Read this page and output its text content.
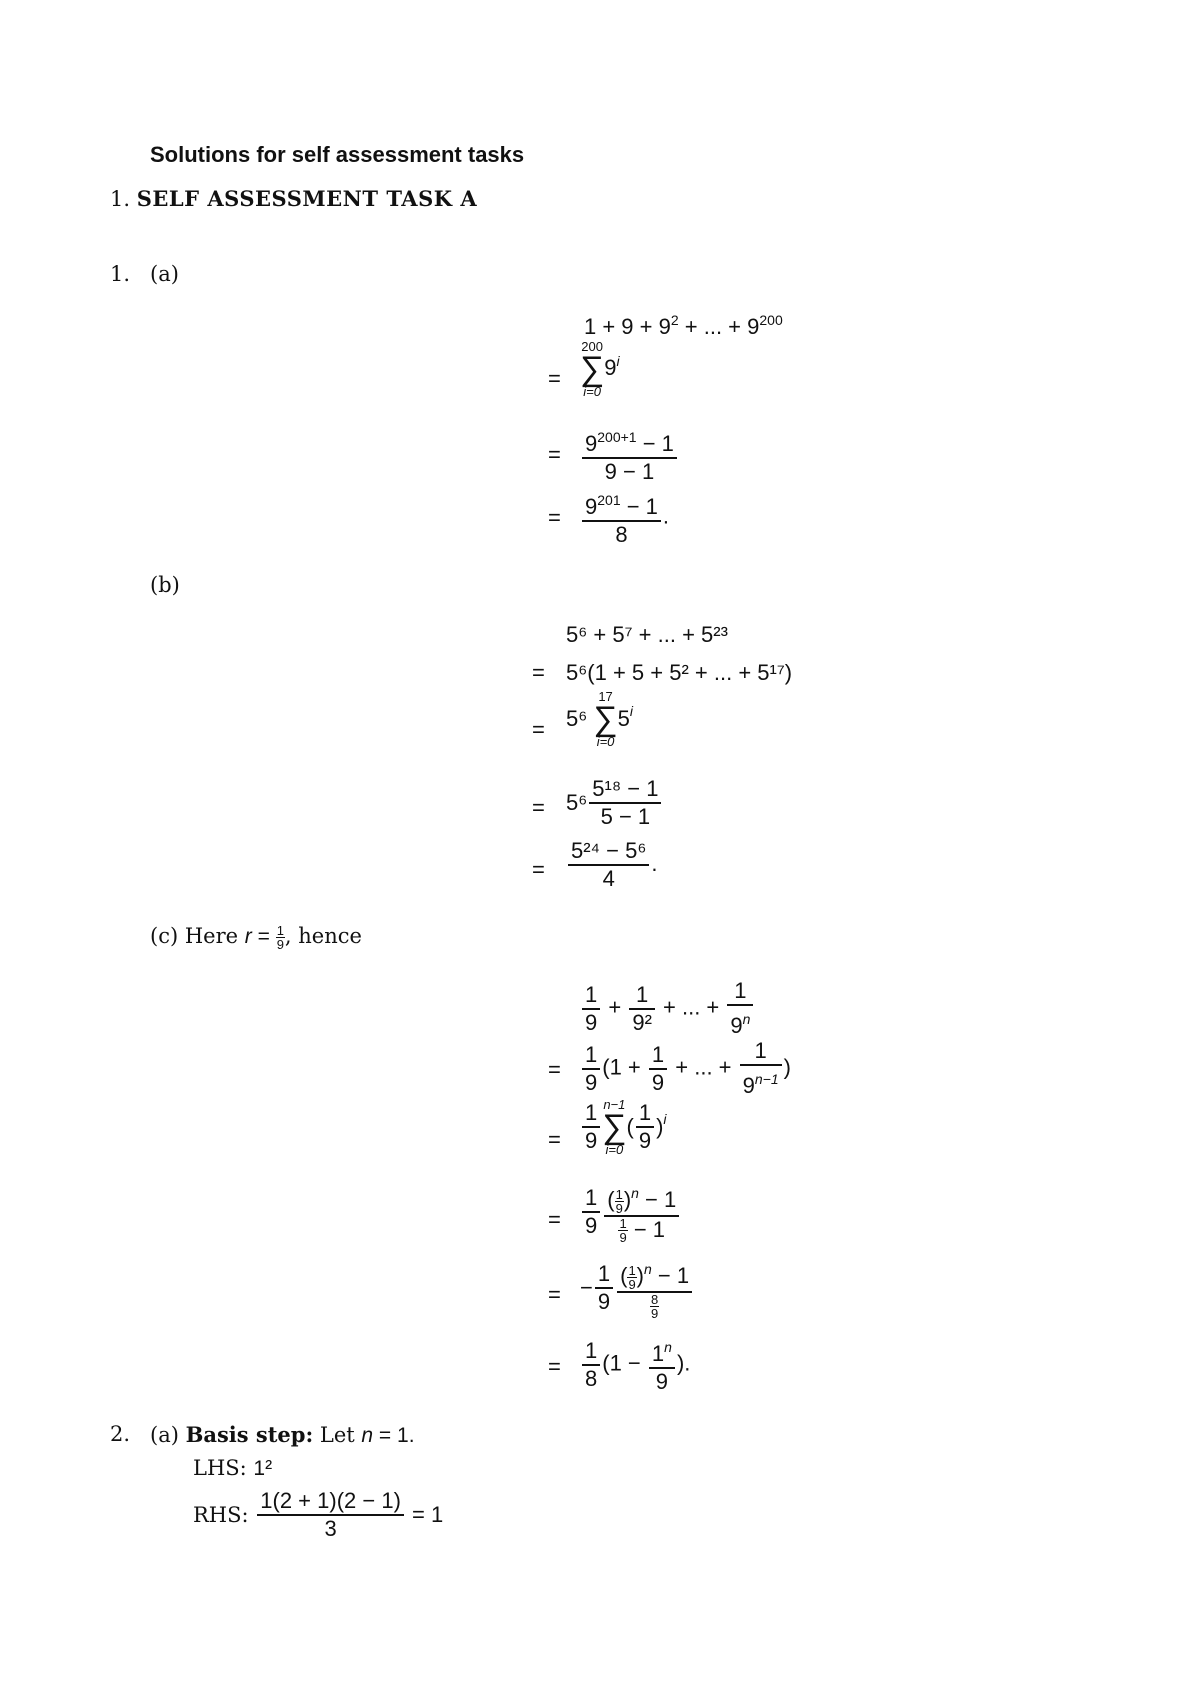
Solutions for self assessment tasks
1. SELF ASSESSMENT TASK A
1. (a)
$1 + 9 + 9^2$ + ... + $9^{200}$
=
200
∑
i=0
$9^i$
= $\frac{9^{200+1} - 1}{9 - 1}$
= $\frac{9^{201} - 1}{8}$ .
(b)
5⁶ + 5⁷ + ... + 5²³
= 5⁶(1 + 5 + 5² + ... + 5¹⁷)
= 5⁶
17
∑
i=0
$5^i$
= $5^6 \frac{\text{5¹⁸ − 1}}{5 - 1}$
= $\frac{\text{5²⁴ − 5⁶}}{4}$ .
(c) Here $r = \frac{1}{9}$ , hence
$\frac{1}{9} + \frac{1}{\text{9²}}$ + ... + $\frac{1}{9^n}$
= $\frac{1}{9} (1 + \frac{1}{9}$ + ... + $\frac{1}{9^{n-1}}$ )
= $\frac{1}{9} n-1$
∑
i=0
( $\frac{1}{9} )^i$
= $\frac{1}{9} \frac{( \frac{1}{9} )^n - 1}{\frac{1}{9} - 1}$
= − $\frac{1}{9} \frac{( \frac{1}{9} )^n - 1}{\frac{8}{9}}$
= $\frac{1}{8} (1 - \frac{1^n}{9}$ ).
2. (a) Basis step: Let n = 1.
LHS: 1²
RHS: $\frac{1(2 + 1)(2 - 1)}{3} = 1$
